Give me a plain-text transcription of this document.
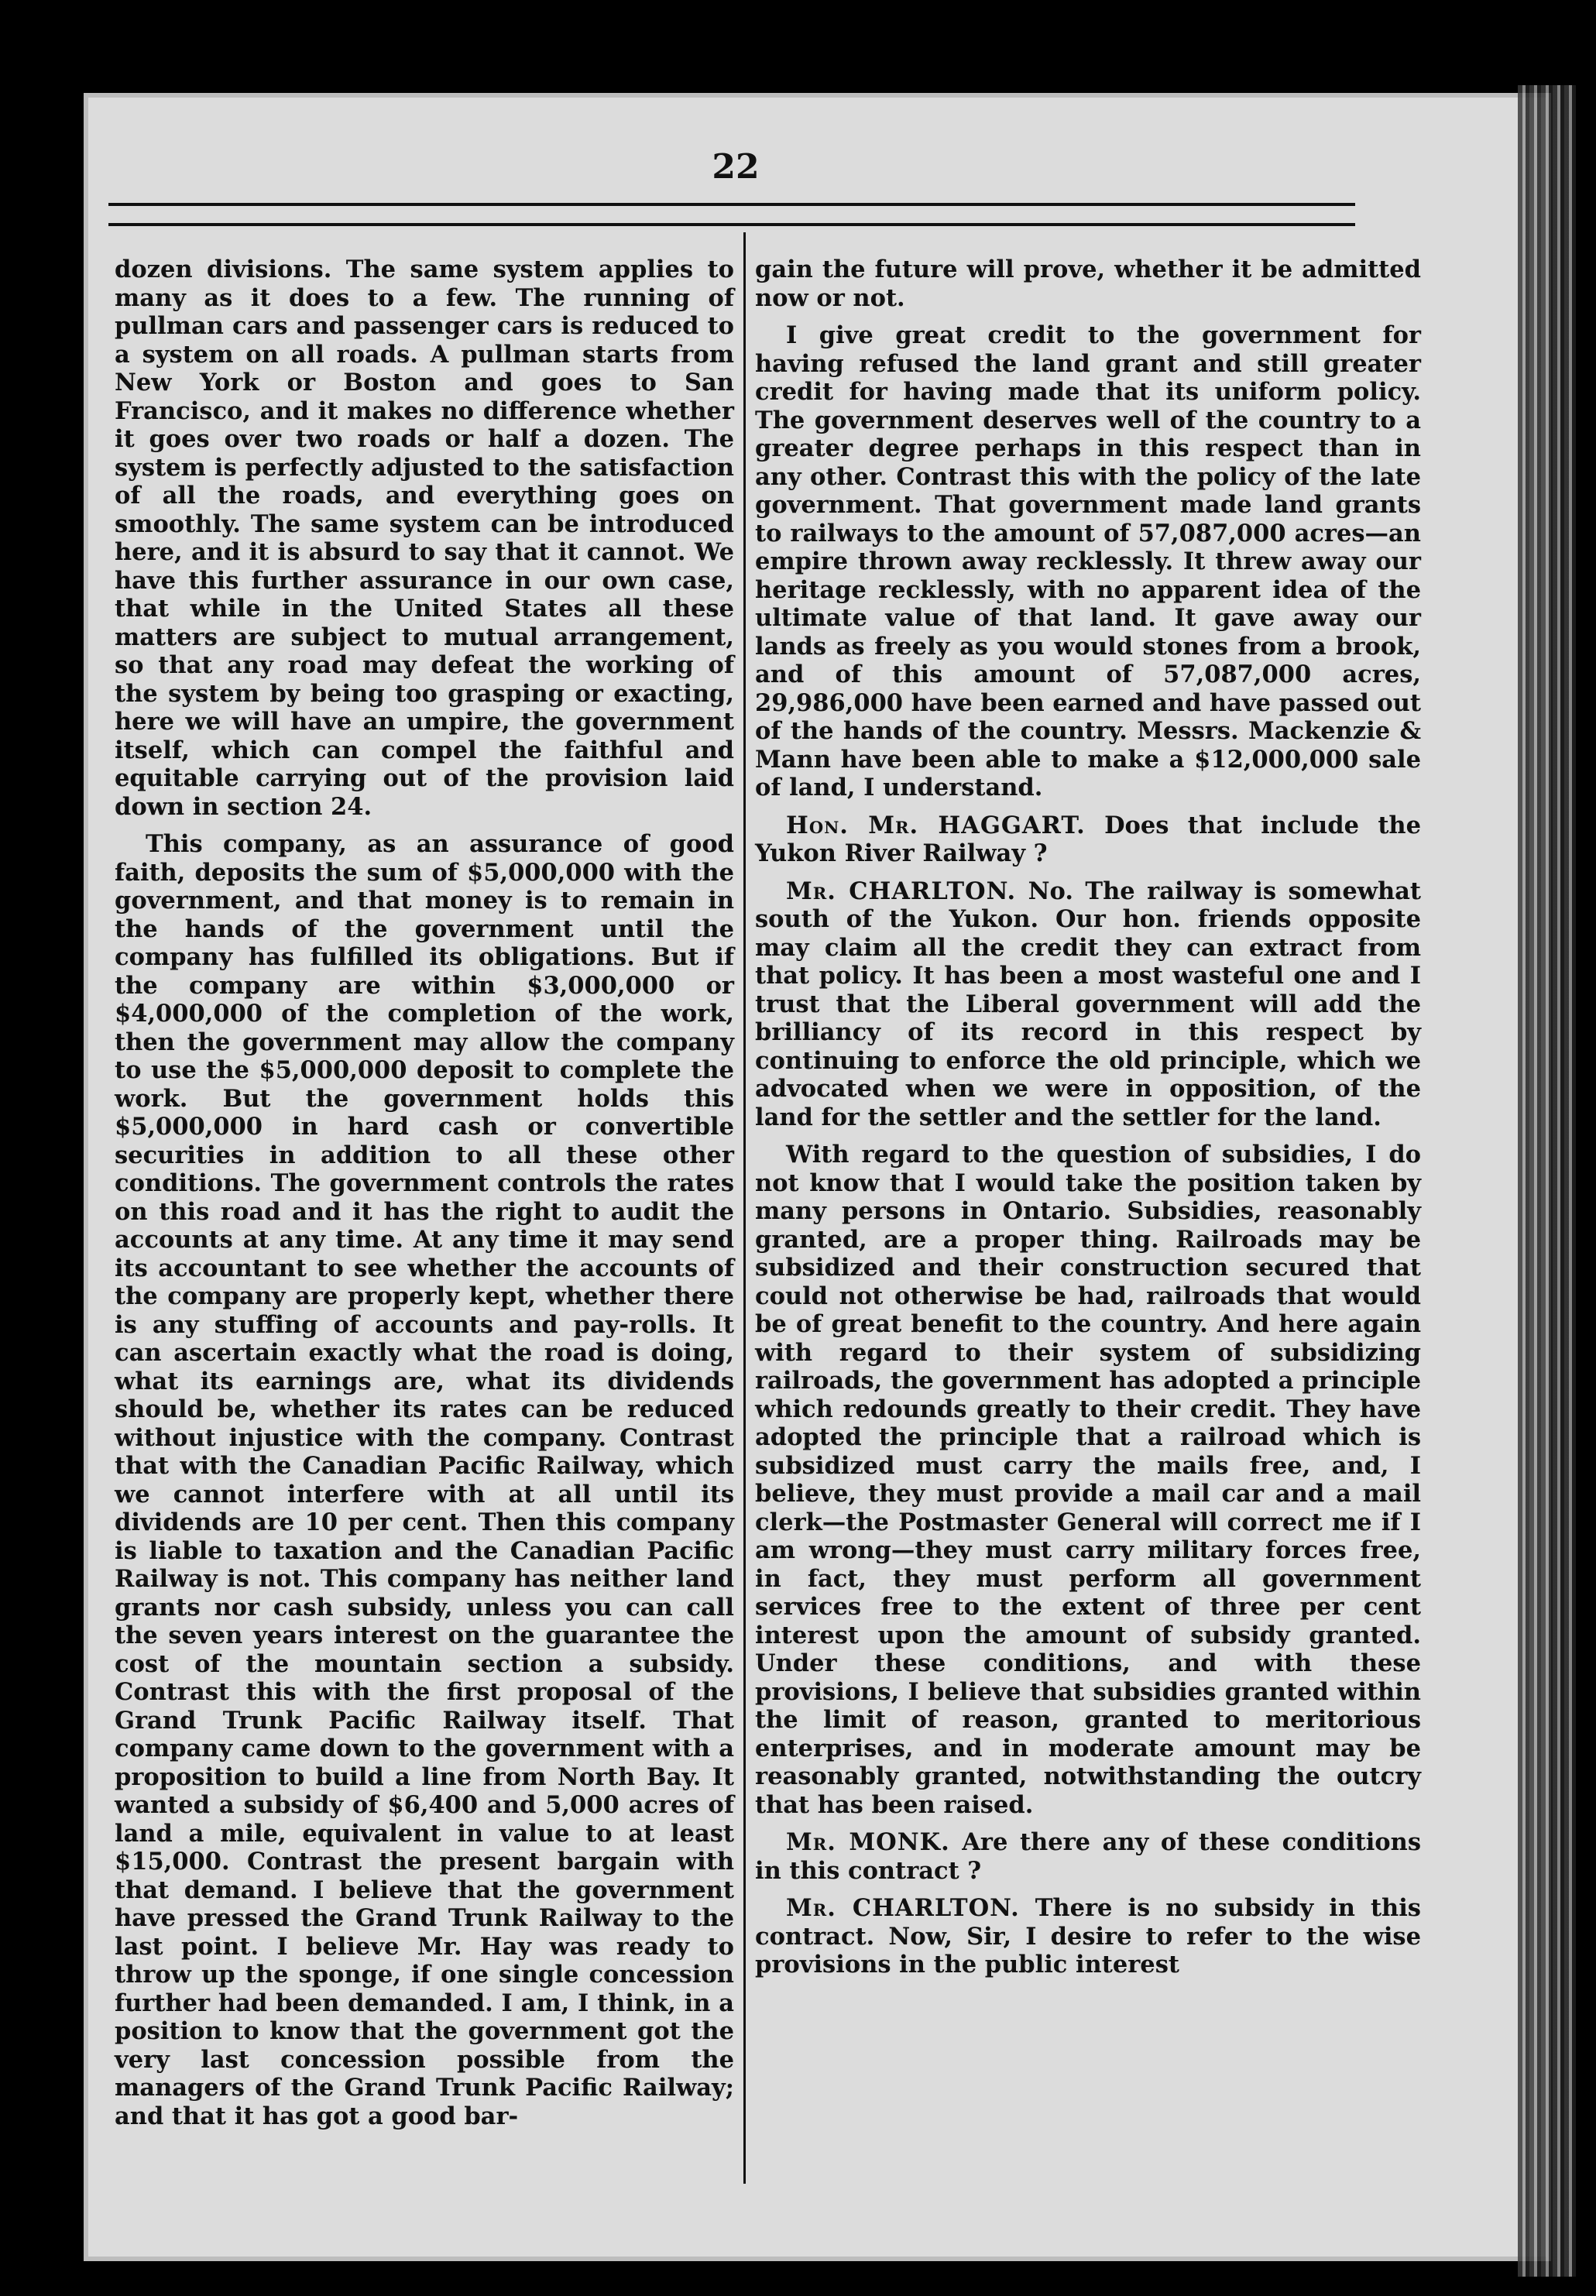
22

dozen divisions. The same system applies to many as it does to a few. The running of pullman cars and passenger cars is reduced to a system on all roads. A pullman starts from New York or Boston and goes to San Francisco, and it makes no difference whether it goes over two roads or half a dozen. The system is perfectly adjusted to the satisfaction of all the roads, and everything goes on smoothly. The same system can be introduced here, and it is absurd to say that it cannot. We have this further assurance in our own case, that while in the United States all these matters are subject to mutual arrangement, so that any road may defeat the working of the system by being too grasping or exacting, here we will have an umpire, the government itself, which can compel the faithful and equitable carrying out of the provision laid down in section 24.

This company, as an assurance of good faith, deposits the sum of $5,000,000 with the government, and that money is to remain in the hands of the government until the company has fulfilled its obligations. But if the company are within $3,000,000 or $4,000,000 of the completion of the work, then the government may allow the company to use the $5,000,000 deposit to complete the work. But the government holds this $5,000,000 in hard cash or convertible securities in addition to all these other conditions. The government controls the rates on this road and it has the right to audit the accounts at any time. At any time it may send its accountant to see whether the accounts of the company are properly kept, whether there is any stuffing of accounts and pay-rolls. It can ascertain exactly what the road is doing, what its earnings are, what its dividends should be, whether its rates can be reduced without injustice with the company. Contrast that with the Canadian Pacific Railway, which we cannot interfere with at all until its dividends are 10 per cent. Then this company is liable to taxation and the Canadian Pacific Railway is not. This company has neither land grants nor cash subsidy, unless you can call the seven years interest on the guarantee the cost of the mountain section a subsidy. Contrast this with the first proposal of the Grand Trunk Pacific Railway itself. That company came down to the government with a proposition to build a line from North Bay. It wanted a subsidy of $6,400 and 5,000 acres of land a mile, equivalent in value to at least $15,000. Contrast the present bargain with that demand. I believe that the government have pressed the Grand Trunk Railway to the last point. I believe Mr. Hay was ready to throw up the sponge, if one single concession further had been demanded. I am, I think, in a position to know that the government got the very last concession possible from the managers of the Grand Trunk Pacific Railway; and that it has got a good bar-

gain the future will prove, whether it be admitted now or not.

I give great credit to the government for having refused the land grant and still greater credit for having made that its uniform policy. The government deserves well of the country to a greater degree perhaps in this respect than in any other. Contrast this with the policy of the late government. That government made land grants to railways to the amount of 57,087,000 acres—an empire thrown away recklessly. It threw away our heritage recklessly, with no apparent idea of the ultimate value of that land. It gave away our lands as freely as you would stones from a brook, and of this amount of 57,087,000 acres, 29,986,000 have been earned and have passed out of the hands of the country. Messrs. Mackenzie & Mann have been able to make a $12,000,000 sale of land, I understand.

Hon. Mr. HAGGART. Does that include the Yukon River Railway ?

Mr. CHARLTON. No. The railway is somewhat south of the Yukon. Our hon. friends opposite may claim all the credit they can extract from that policy. It has been a most wasteful one and I trust that the Liberal government will add the brilliancy of its record in this respect by continuing to enforce the old principle, which we advocated when we were in opposition, of the land for the settler and the settler for the land.

With regard to the question of subsidies, I do not know that I would take the position taken by many persons in Ontario. Subsidies, reasonably granted, are a proper thing. Railroads may be subsidized and their construction secured that could not otherwise be had, railroads that would be of great benefit to the country. And here again with regard to their system of subsidizing railroads, the government has adopted a principle which redounds greatly to their credit. They have adopted the principle that a railroad which is subsidized must carry the mails free, and, I believe, they must provide a mail car and a mail clerk—the Postmaster General will correct me if I am wrong—they must carry military forces free, in fact, they must perform all government services free to the extent of three per cent interest upon the amount of subsidy granted. Under these conditions, and with these provisions, I believe that subsidies granted within the limit of reason, granted to meritorious enterprises, and in moderate amount may be reasonably granted, notwithstanding the outcry that has been raised.

Mr. MONK. Are there any of these conditions in this contract ?

Mr. CHARLTON. There is no subsidy in this contract. Now, Sir, I desire to refer to the wise provisions in the public interest
